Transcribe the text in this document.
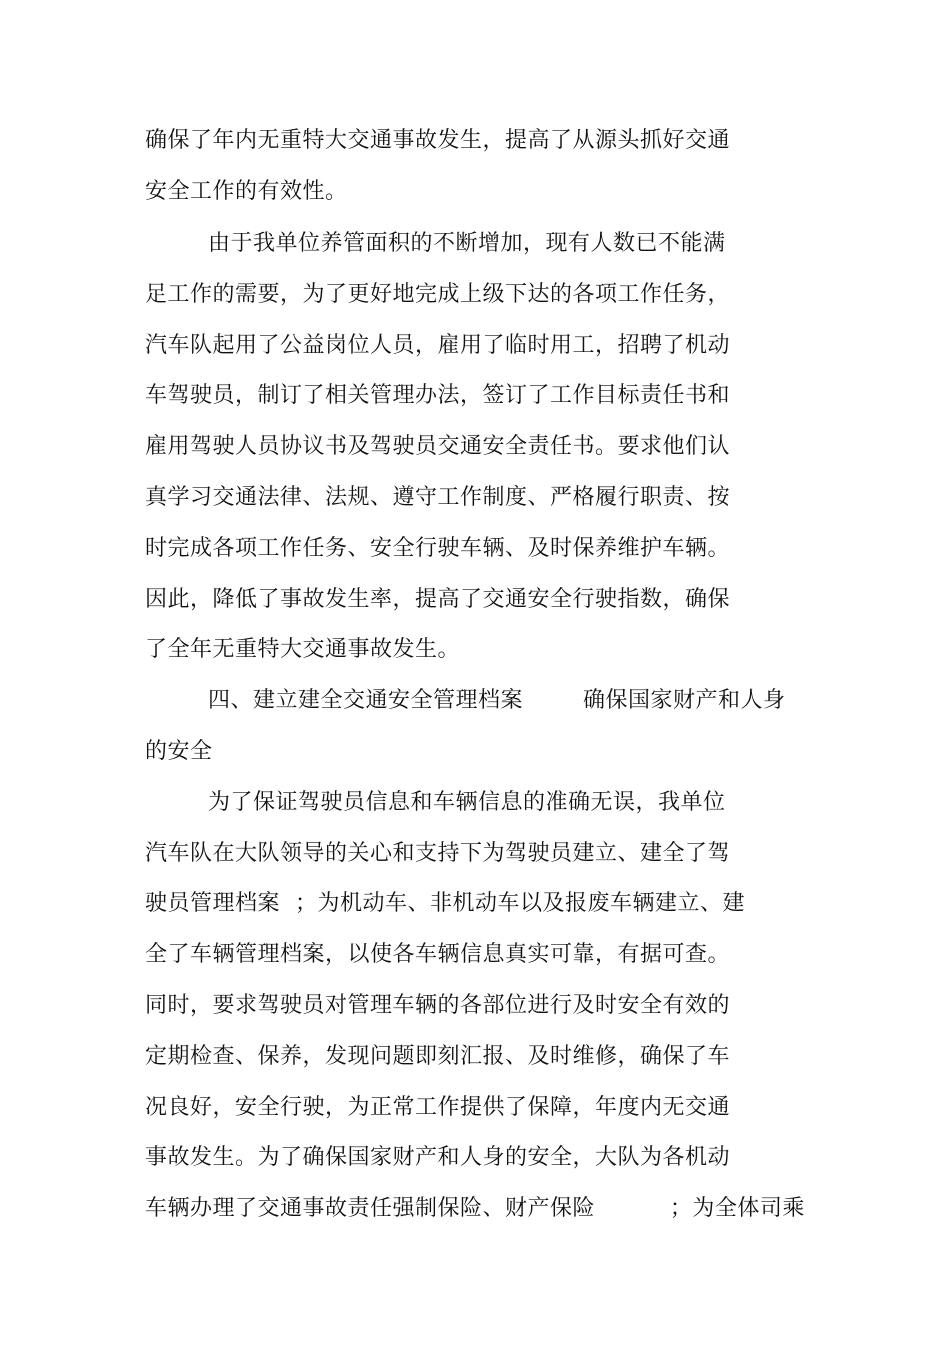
确保了年内无重特大交通事故发生，提高了从源头抓好交通
安全工作的有效性。
由于我单位养管面积的不断增加，现有人数已不能满
足工作的需要，为了更好地完成上级下达的各项工作任务，
汽车队起用了公益岗位人员，雇用了临时用工，招聘了机动
车驾驶员，制订了相关管理办法，签订了工作目标责任书和
雇用驾驶人员协议书及驾驶员交通安全责任书。要求他们认
真学习交通法律、法规、遵守工作制度、严格履行职责、按
时完成各项工作任务、安全行驶车辆、及时保养维护车辆。
因此，降低了事故发生率，提高了交通安全行驶指数，确保
了全年无重特大交通事故发生。
四、建立建全交通安全管理档案        确保国家财产和人身
的安全
为了保证驾驶员信息和车辆信息的准确无误，我单位
汽车队在大队领导的关心和支持下为驾驶员建立、建全了驾
驶员管理档案  ；为机动车、非机动车以及报废车辆建立、建
全了车辆管理档案，以使各车辆信息真实可靠，有据可查。
同时，要求驾驶员对管理车辆的各部位进行及时安全有效的
定期检查、保养，发现问题即刻汇报、及时维修，确保了车
况良好，安全行驶，为正常工作提供了保障，年度内无交通
事故发生。为了确保国家财产和人身的安全，大队为各机动
车辆办理了交通事故责任强制保险、财产保险          ；为全体司乘
